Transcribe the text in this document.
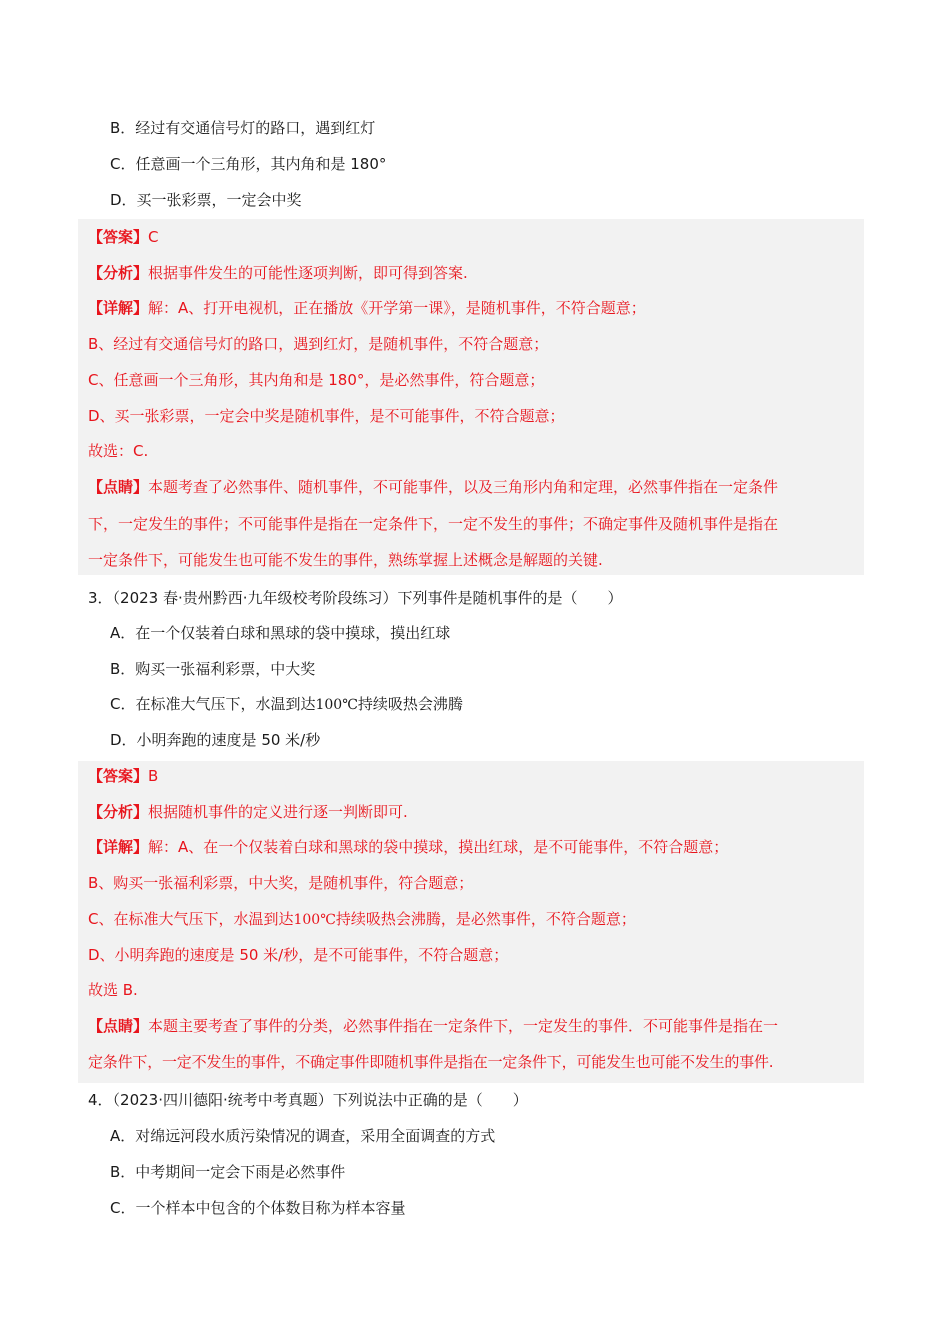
B．经过有交通信号灯的路口，遇到红灯
C．任意画一个三角形，其内角和是 180°
D．买一张彩票，一定会中奖
【答案】C
【分析】根据事件发生的可能性逐项判断，即可得到答案.
【详解】解：A、打开电视机，正在播放《开学第一课》，是随机事件，不符合题意；
B、经过有交通信号灯的路口，遇到红灯，是随机事件，不符合题意；
C、任意画一个三角形，其内角和是 180°，是必然事件，符合题意；
D、买一张彩票，一定会中奖是随机事件，是不可能事件，不符合题意；
故选：C.
【点睛】本题考查了必然事件、随机事件，不可能事件，以及三角形内角和定理，必然事件指在一定条件
下，一定发生的事件；不可能事件是指在一定条件下，一定不发生的事件；不确定事件及随机事件是指在
一定条件下，可能发生也可能不发生的事件，熟练掌握上述概念是解题的关键.
3．（2023 春·贵州黔西·九年级校考阶段练习）下列事件是随机事件的是（　　）
A．在一个仅装着白球和黑球的袋中摸球，摸出红球
B．购买一张福利彩票，中大奖
C．在标准大气压下，水温到达100℃持续吸热会沸腾
D．小明奔跑的速度是 50 米/秒
【答案】B
【分析】根据随机事件的定义进行逐一判断即可.
【详解】解：A、在一个仅装着白球和黑球的袋中摸球，摸出红球，是不可能事件，不符合题意；
B、购买一张福利彩票，中大奖，是随机事件，符合题意；
C、在标准大气压下，水温到达100℃持续吸热会沸腾，是必然事件，不符合题意；
D、小明奔跑的速度是 50 米/秒，是不可能事件，不符合题意；
故选 B.
【点睛】本题主要考查了事件的分类，必然事件指在一定条件下，一定发生的事件．不可能事件是指在一
定条件下，一定不发生的事件，不确定事件即随机事件是指在一定条件下，可能发生也可能不发生的事件.
4．（2023·四川德阳·统考中考真题）下列说法中正确的是（　　）
A．对绵远河段水质污染情况的调查，采用全面调查的方式
B．中考期间一定会下雨是必然事件
C．一个样本中包含的个体数目称为样本容量
